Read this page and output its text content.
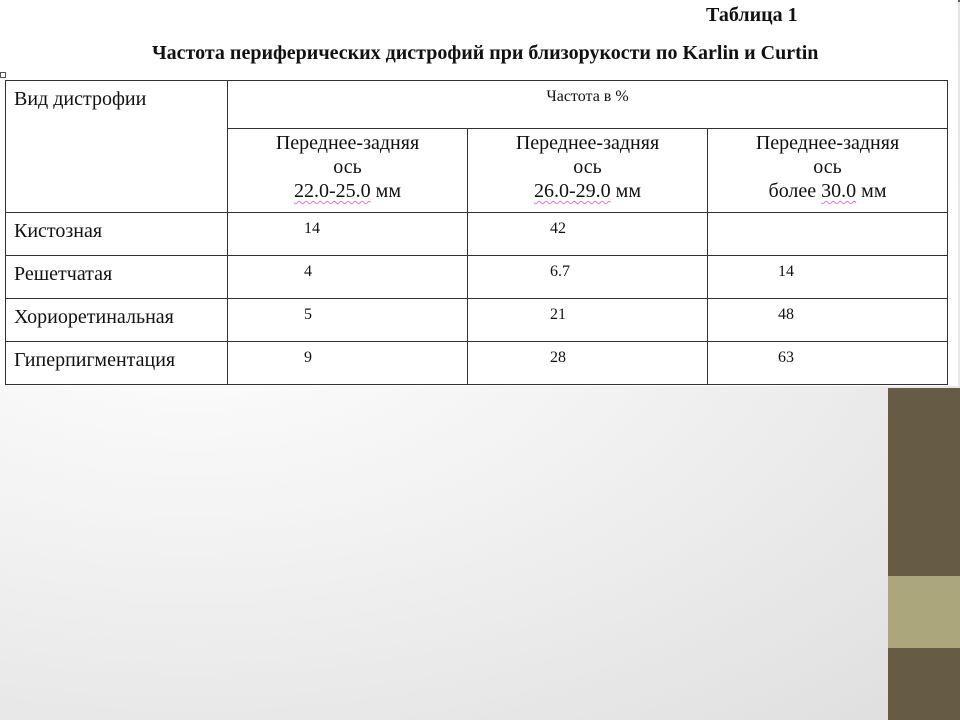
Таблица 1
Частота периферических дистрофий при близорукости по Karlin и Curtin
Вид дистрофии	Частота в %		

	Переднее-задняя
ось
22.0-25.0 мм	Переднее-задняя
ось
26.0-29.0 мм	Переднее-задняя
ось
более 30.0 мм

Кистозная	14	42	
Решетчатая	4	6.7	14
Хориоретинальная	5	21	48
Гиперпигментация	9	28	63
